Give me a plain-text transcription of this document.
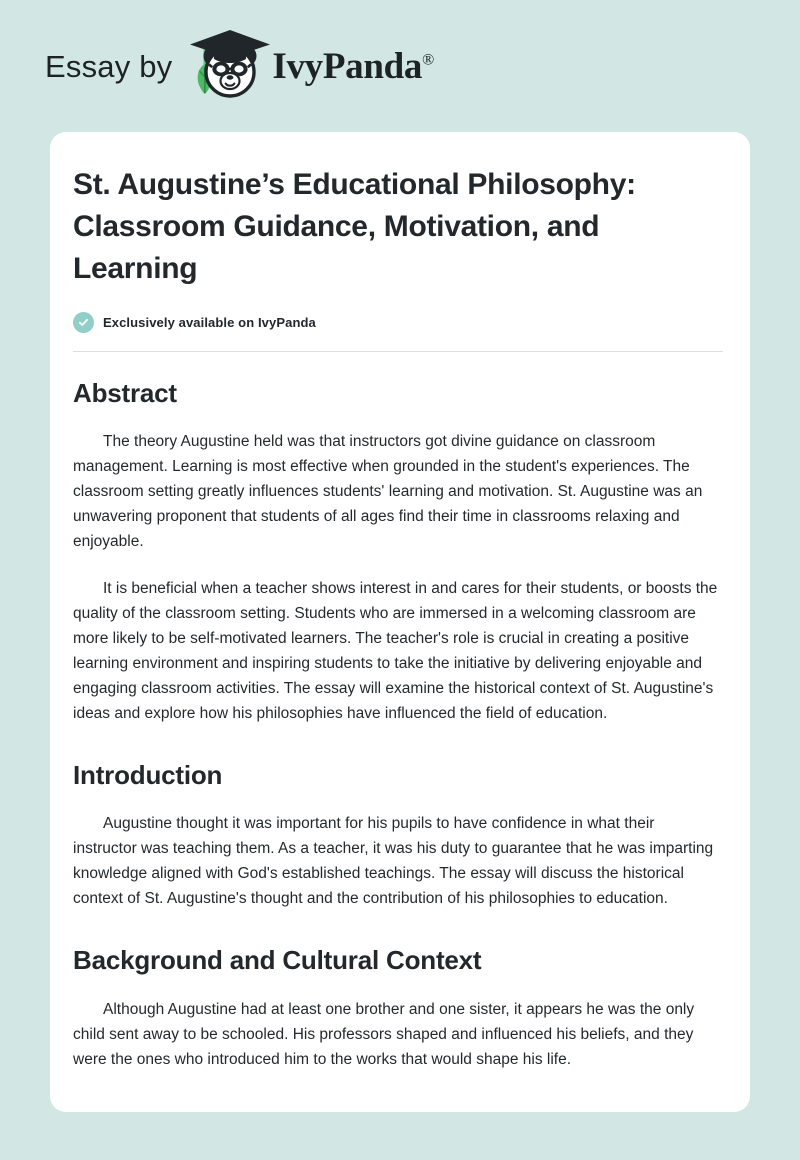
Essay by	IvyPanda®
St. Augustine’s Educational Philosophy: Classroom Guidance, Motivation, and Learning
Exclusively available on IvyPanda
Abstract

The theory Augustine held was that instructors got divine guidance on classroom management. Learning is most effective when grounded in the student's experiences. The classroom setting greatly influences students' learning and motivation. St. Augustine was an unwavering proponent that students of all ages find their time in classrooms relaxing and enjoyable.

It is beneficial when a teacher shows interest in and cares for their students, or boosts the quality of the classroom setting. Students who are immersed in a welcoming classroom are more likely to be self-motivated learners. The teacher's role is crucial in creating a positive learning environment and inspiring students to take the initiative by delivering enjoyable and engaging classroom activities. The essay will examine the historical context of St. Augustine's ideas and explore how his philosophies have influenced the field of education.

Introduction

Augustine thought it was important for his pupils to have confidence in what their instructor was teaching them. As a teacher, it was his duty to guarantee that he was imparting knowledge aligned with God's established teachings. The essay will discuss the historical context of St. Augustine's thought and the contribution of his philosophies to education.

Background and Cultural Context

Although Augustine had at least one brother and one sister, it appears he was the only child sent away to be schooled. His professors shaped and influenced his beliefs, and they were the ones who introduced him to the works that would shape his life.
